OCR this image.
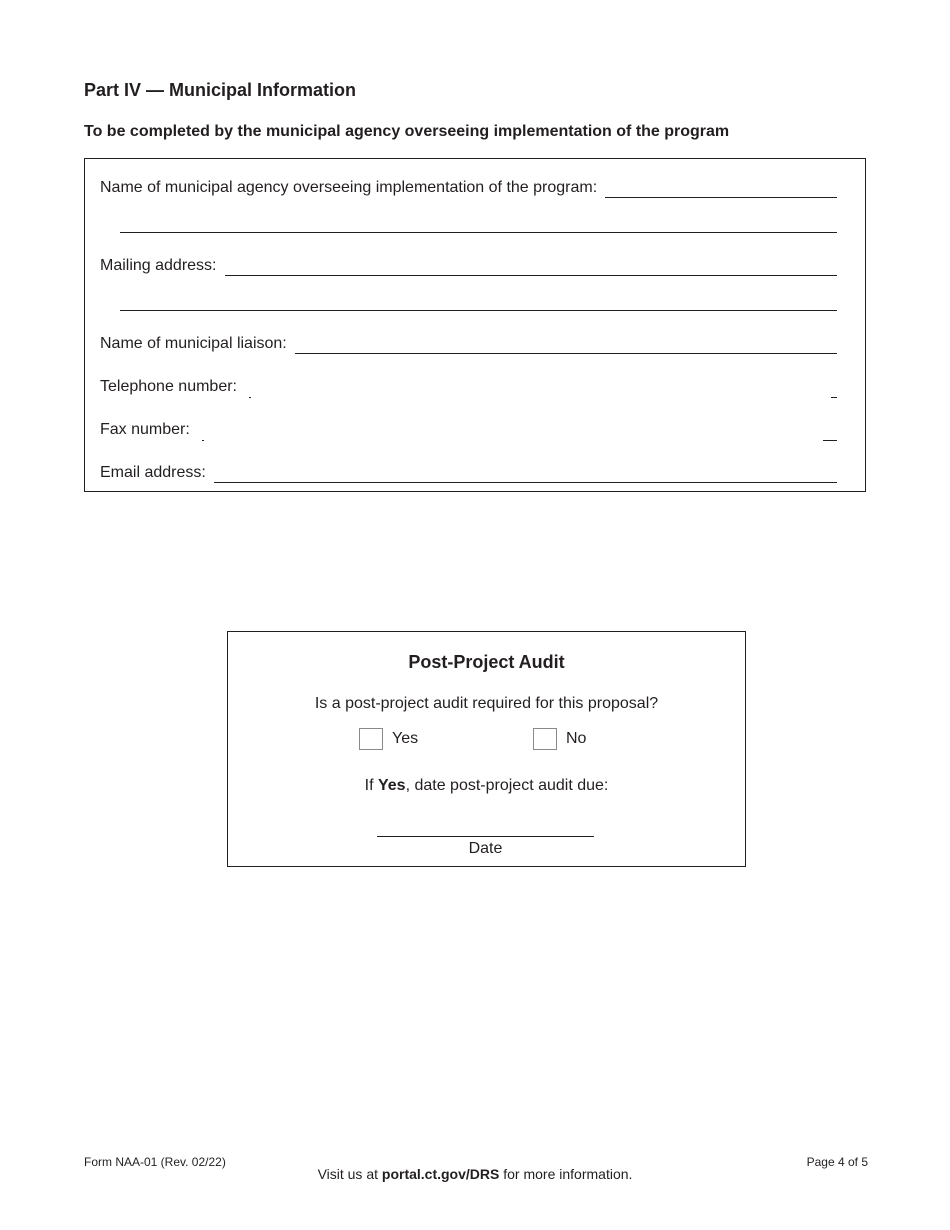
Part IV — Municipal Information
To be completed by the municipal agency overseeing implementation of the program
Name of municipal agency overseeing implementation of the program:
Mailing address:
Name of municipal liaison:
Telephone number:
Fax number:
Email address:
Post-Project Audit
Is a post-project audit required for this proposal?
Yes	No
If Yes, date post-project audit due:
Date
Form NAA-01 (Rev. 02/22)	Page 4 of 5
Visit us at portal.ct.gov/DRS for more information.
